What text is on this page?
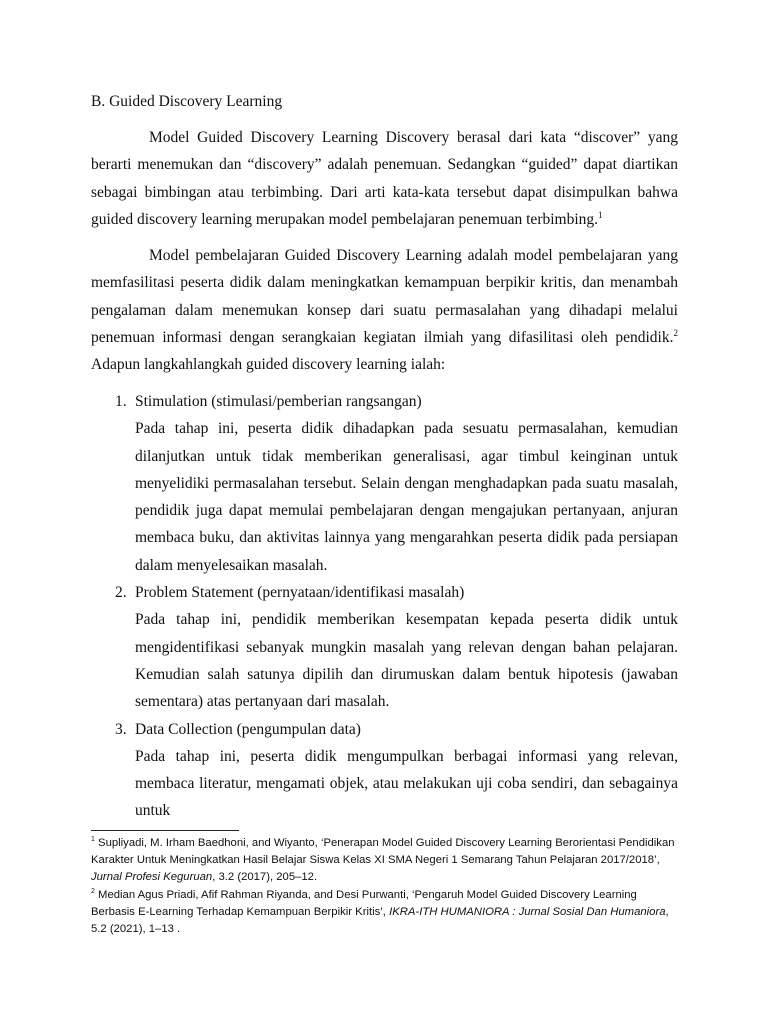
B. Guided Discovery Learning

Model Guided Discovery Learning Discovery berasal dari kata “discover” yang berarti menemukan dan “discovery” adalah penemuan. Sedangkan “guided” dapat diartikan sebagai bimbingan atau terbimbing. Dari arti kata-kata tersebut dapat disimpulkan bahwa guided discovery learning merupakan model pembelajaran penemuan terbimbing.$^1$

Model pembelajaran Guided Discovery Learning adalah model pembelajaran yang memfasilitasi peserta didik dalam meningkatkan kemampuan berpikir kritis, dan menambah pengalaman dalam menemukan konsep dari suatu permasalahan yang dihadapi melalui penemuan informasi dengan serangkaian kegiatan ilmiah yang difasilitasi oleh pendidik.$^2$ Adapun langkahlangkah guided discovery learning ialah:

1. Stimulation (stimulasi/pemberian rangsangan)

Pada tahap ini, peserta didik dihadapkan pada sesuatu permasalahan, kemudian dilanjutkan untuk tidak memberikan generalisasi, agar timbul keinginan untuk menyelidiki permasalahan tersebut. Selain dengan menghadapkan pada suatu masalah, pendidik juga dapat memulai pembelajaran dengan mengajukan pertanyaan, anjuran membaca buku, dan aktivitas lainnya yang mengarahkan peserta didik pada persiapan dalam menyelesaikan masalah.

2. Problem Statement (pernyataan/identifikasi masalah)

Pada tahap ini, pendidik memberikan kesempatan kepada peserta didik untuk mengidentifikasi sebanyak mungkin masalah yang relevan dengan bahan pelajaran. Kemudian salah satunya dipilih dan dirumuskan dalam bentuk hipotesis (jawaban sementara) atas pertanyaan dari masalah.

3. Data Collection (pengumpulan data)

Pada tahap ini, peserta didik mengumpulkan berbagai informasi yang relevan, membaca literatur, mengamati objek, atau melakukan uji coba sendiri, dan sebagainya untuk

$^1$ Supliyadi, M. Irham Baedhoni, and Wiyanto, ‘Penerapan Model Guided Discovery Learning Berorientasi Pendidikan Karakter Untuk Meningkatkan Hasil Belajar Siswa Kelas XI SMA Negeri 1 Semarang Tahun Pelajaran 2017/2018’, Jurnal Profesi Keguruan, 3.2 (2017), 205–12.

$^2$ Median Agus Priadi, Afif Rahman Riyanda, and Desi Purwanti, ‘Pengaruh Model Guided Discovery Learning Berbasis E-Learning Terhadap Kemampuan Berpikir Kritis’, IKRA-ITH HUMANIORA : Jurnal Sosial Dan Humaniora, 5.2 (2021), 1–13 .
